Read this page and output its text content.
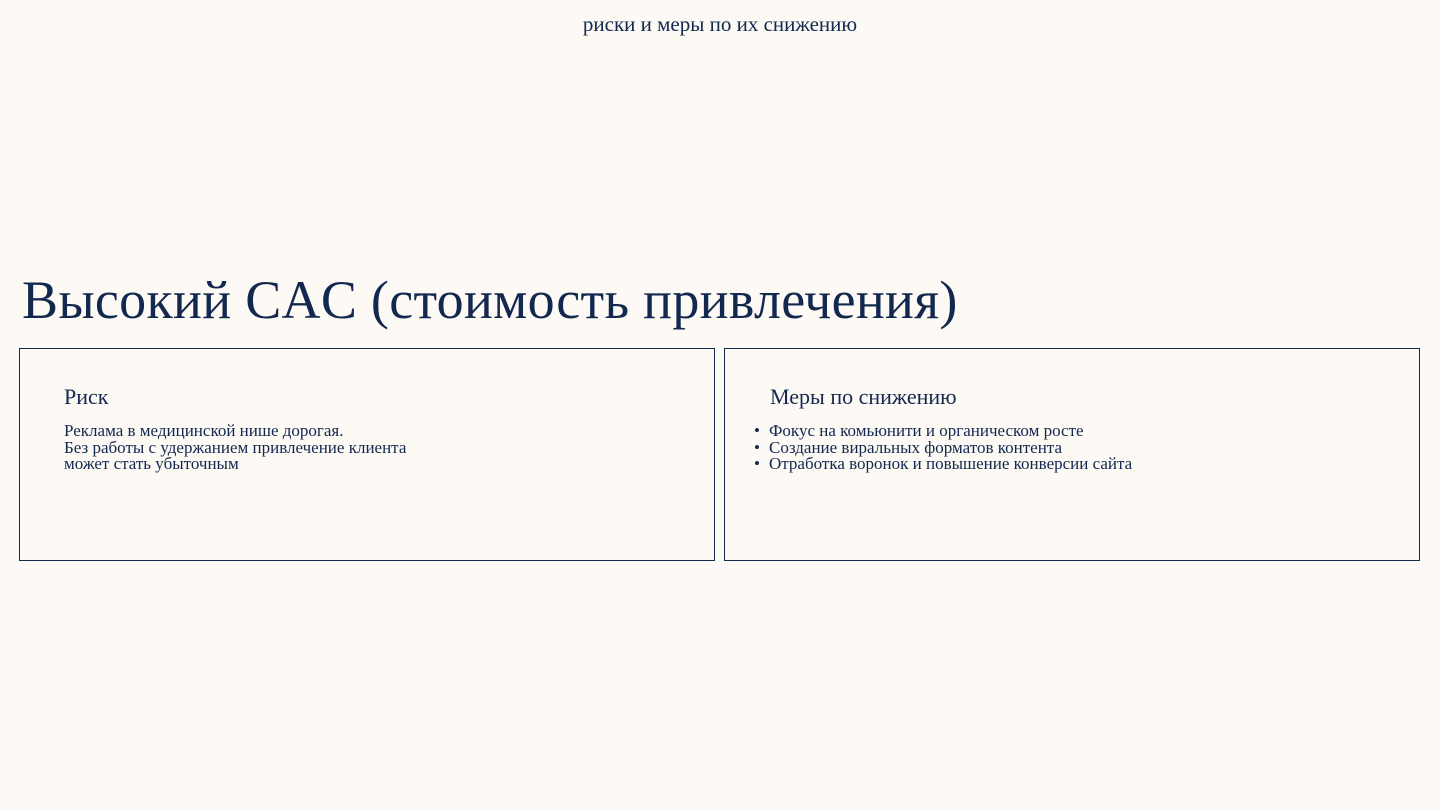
риски и меры по их снижению
Высокий CAC (стоимость привлечения)
Риск
Реклама в медицинской нише дорогая.
Без работы с удержанием привлечение клиента
может стать убыточным
Меры по снижению
• Фокус на комьюнити и органическом росте
• Создание виральных форматов контента
• Отработка воронок и повышение конверсии сайта
